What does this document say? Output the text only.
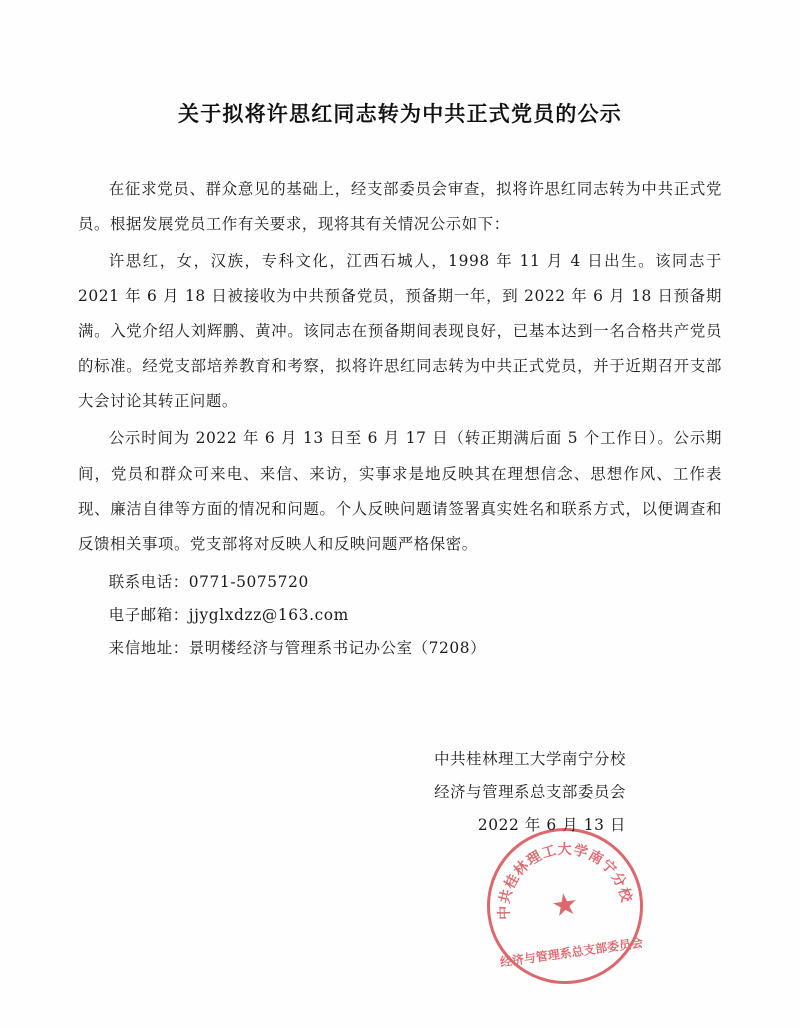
关于拟将许思红同志转为中共正式党员的公示

在征求党员、群众意见的基础上，经支部委员会审查，拟将许思红同志转为中共正式党员。根据发展党员工作有关要求，现将其有关情况公示如下：

许思红，女，汉族，专科文化，江西石城人，1998 年 11 月 4 日出生。该同志于 2021 年 6 月 18 日被接收为中共预备党员，预备期一年，到 2022 年 6 月 18 日预备期满。入党介绍人刘辉鹏、黄冲。该同志在预备期间表现良好，已基本达到一名合格共产党员的标准。经党支部培养教育和考察，拟将许思红同志转为中共正式党员，并于近期召开支部大会讨论其转正问题。

公示时间为 2022 年 6 月 13 日至 6 月 17 日（转正期满后面 5 个工作日）。公示期间，党员和群众可来电、来信、来访，实事求是地反映其在理想信念、思想作风、工作表现、廉洁自律等方面的情况和问题。个人反映问题请签署真实姓名和联系方式，以便调查和反馈相关事项。党支部将对反映人和反映问题严格保密。

联系电话：0771-5075720

电子邮箱：jjyglxdzz@163.com

来信地址：景明楼经济与管理系书记办公室（7208）

中共桂林理工大学南宁分校
经济与管理系总支部委员会
2022 年 6 月 13 日
中共桂林理工大学南宁分校
★
经济与管理系总支部委员会
